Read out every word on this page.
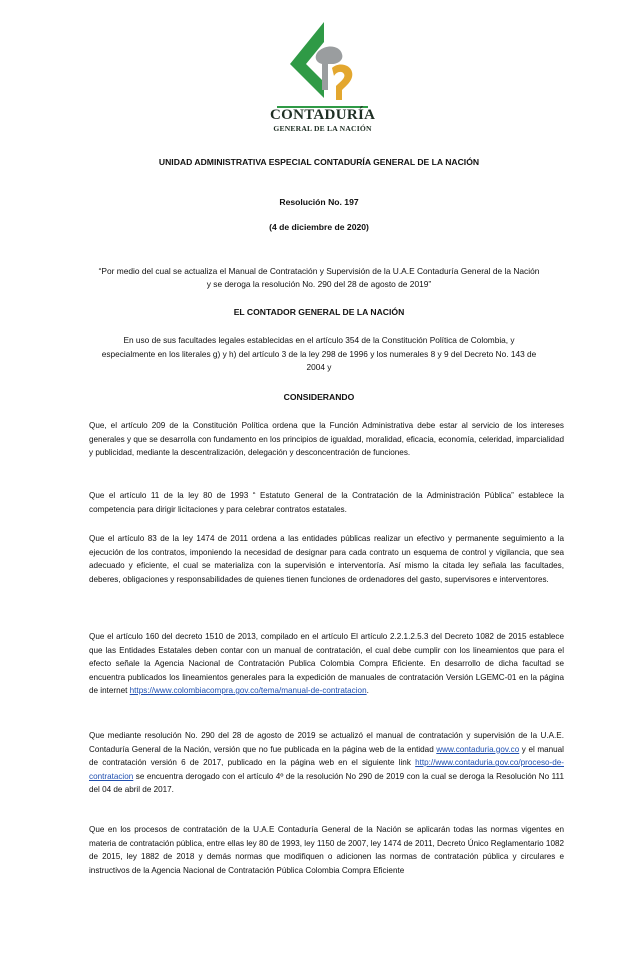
CONTADURÍA
GENERAL DE LA NACIÓN
UNIDAD ADMINISTRATIVA ESPECIAL CONTADURÍA GENERAL DE LA NACIÓN
Resolución No. 197
(4 de diciembre de 2020)
“Por medio del cual se actualiza el Manual de Contratación y Supervisión de la U.A.E Contaduría General de la Nación y se deroga la resolución No. 290 del 28 de agosto de 2019”
EL CONTADOR GENERAL DE LA NACIÓN
En uso de sus facultades legales establecidas en el artículo 354 de la Constitución Política de Colombia, y especialmente en los literales g) y h) del artículo 3 de la ley 298 de 1996 y los numerales 8 y 9 del Decreto No. 143 de 2004 y
CONSIDERANDO
Que, el artículo 209 de la Constitución Política ordena que la Función Administrativa debe estar al servicio de los intereses generales y que se desarrolla con fundamento en los principios de igualdad, moralidad, eficacia, economía, celeridad, imparcialidad y publicidad, mediante la descentralización, delegación y desconcentración de funciones.
Que el artículo 11 de la ley 80 de 1993 “ Estatuto General de la Contratación de la Administración Pública” establece la competencia para dirigir licitaciones y para celebrar contratos estatales.
Que el artículo 83 de la ley 1474 de 2011 ordena a las entidades públicas realizar un efectivo y permanente seguimiento a la ejecución de los contratos, imponiendo la necesidad de designar para cada contrato un esquema de control y vigilancia, que sea adecuado y eficiente, el cual se materializa con la supervisión e interventoría. Así mismo la citada ley señala las facultades, deberes, obligaciones y responsabilidades de quienes tienen funciones de ordenadores del gasto, supervisores e interventores.
Que el artículo 160 del decreto 1510 de 2013, compilado en el artículo El artículo 2.2.1.2.5.3 del Decreto 1082 de 2015 establece que las Entidades Estatales deben contar con un manual de contratación, el cual debe cumplir con los lineamientos que para el efecto señale la Agencia Nacional de Contratación Publica Colombia Compra Eficiente. En desarrollo de dicha facultad se encuentra publicados los lineamientos generales para la expedición de manuales de contratación Versión LGEMC-01 en la página de internet https://www.colombiacompra.gov.co/tema/manual-de-contratacion.
Que mediante resolución No. 290 del 28 de agosto de 2019 se actualizó el manual de contratación y supervisión de la U.A.E. Contaduría General de la Nación, versión que no fue publicada en la página web de la entidad www.contaduria.gov.co y el manual de contratación versión 6 de 2017, publicado en la página web en el siguiente link http://www.contaduria.gov.co/proceso-de-contratacion se encuentra derogado con el artículo 4º de la resolución No 290 de 2019 con la cual se deroga la Resolución No 111 del 04 de abril de 2017.
Que en los procesos de contratación de la U.A.E Contaduría General de la Nación se aplicarán todas las normas vigentes en materia de contratación pública, entre ellas ley 80 de 1993, ley 1150 de 2007, ley 1474 de 2011, Decreto Único Reglamentario 1082 de 2015, ley 1882 de 2018 y demás normas que modifiquen o adicionen las normas de contratación pública y circulares e instructivos de la Agencia Nacional de Contratación Pública Colombia Compra Eficiente
